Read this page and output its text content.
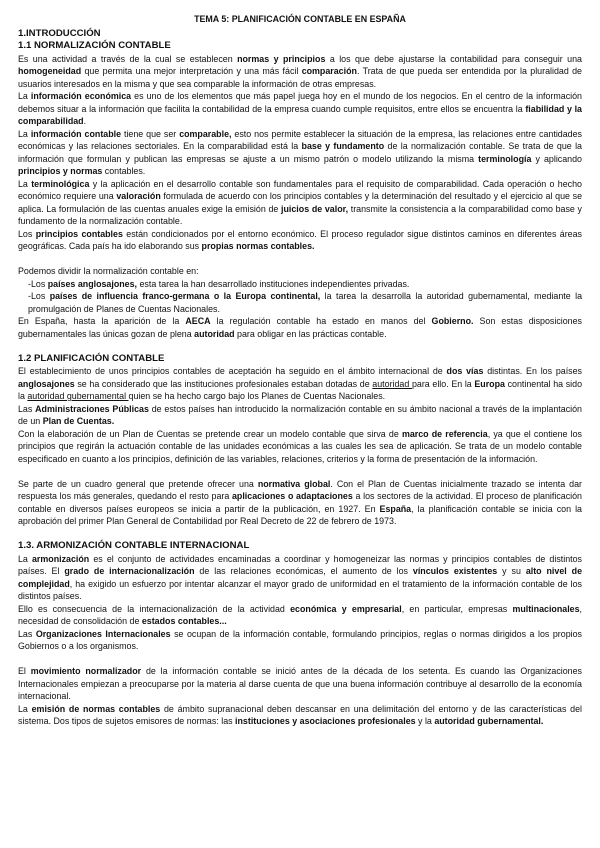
TEMA 5: PLANIFICACIÓN CONTABLE EN ESPAÑA
1.INTRODUCCIÓN
1.1 NORMALIZACIÓN CONTABLE

Es una actividad a través de la cual se establecen normas y principios a los que debe ajustarse la contabilidad para conseguir una homogeneidad que permita una mejor interpretación y una más fácil comparación. Trata de que pueda ser entendida por la pluralidad de usuarios interesados en la misma y que sea comparable la información de otras empresas.

La información económica es uno de los elementos que más papel juega hoy en el mundo de los negocios. En el centro de la información debemos situar a la información que facilita la contabilidad de la empresa cuando cumple requisitos, entre ellos se encuentra la fiabilidad y la comparabilidad.

La información contable tiene que ser comparable, esto nos permite establecer la situación de la empresa, las relaciones entre cantidades económicas y las relaciones sectoriales. En la comparabilidad está la base y fundamento de la normalización contable. Se trata de que la información que formulan y publican las empresas se ajuste a un mismo patrón o modelo utilizando la misma terminología y aplicando principios y normas contables.

La terminológica y la aplicación en el desarrollo contable son fundamentales para el requisito de comparabilidad. Cada operación o hecho económico requiere una valoración formulada de acuerdo con los principios contables y la determinación del resultado y el ejercicio al que se aplica. La formulación de las cuentas anuales exige la emisión de juicios de valor, transmite la consistencia a la comparabilidad como base y fundamento de la normalización contable.

Los principios contables están condicionados por el entorno económico. El proceso regulador sigue distintos caminos en diferentes áreas geográficas. Cada país ha ido elaborando sus propias normas contables.

Podemos dividir la normalización contable en:

-Los países anglosajones, esta tarea la han desarrollado instituciones independientes privadas.

-Los países de influencia franco-germana o la Europa continental, la tarea la desarrolla la autoridad gubernamental, mediante la promulgación de Planes de Cuentas Nacionales.

En España, hasta la aparición de la AECA la regulación contable ha estado en manos del Gobierno. Son estas disposiciones gubernamentales las únicas gozan de plena autoridad para obligar en las prácticas contable.

1.2 PLANIFICACIÓN CONTABLE

El establecimiento de unos principios contables de aceptación ha seguido en el ámbito internacional de dos vías distintas. En los países anglosajones se ha considerado que las instituciones profesionales estaban dotadas de autoridad para ello. En la Europa continental ha sido la autoridad gubernamental quien se ha hecho cargo bajo los Planes de Cuentas Nacionales.

Las Administraciones Públicas de estos países han introducido la normalización contable en su ámbito nacional a través de la implantación de un Plan de Cuentas.

Con la elaboración de un Plan de Cuentas se pretende crear un modelo contable que sirva de marco de referencia, ya que el contiene los principios que regirán la actuación contable de las unidades económicas a las cuales les sea de aplicación. Se trata de un modelo contable especificado en cuanto a los principios, definición de las variables, relaciones, criterios y la forma de presentación de la información.

Se parte de un cuadro general que pretende ofrecer una normativa global. Con el Plan de Cuentas inicialmente trazado se intenta dar respuesta los más generales, quedando el resto para aplicaciones o adaptaciones a los sectores de la actividad. El proceso de planificación contable en diversos países europeos se inicia a partir de la publicación, en 1927. En España, la planificación contable se inicia con la aprobación del primer Plan General de Contabilidad por Real Decreto de 22 de febrero de 1973.

1.3. ARMONIZACIÓN CONTABLE INTERNACIONAL

La armonización es el conjunto de actividades encaminadas a coordinar y homogeneizar las normas y principios contables de distintos países. El grado de internacionalización de las relaciones económicas, el aumento de los vínculos existentes y su alto nivel de complejidad, ha exigido un esfuerzo por intentar alcanzar el mayor grado de uniformidad en el tratamiento de la información contable de los distintos países.

Ello es consecuencia de la internacionalización de la actividad económica y empresarial, en particular, empresas multinacionales, necesidad de consolidación de estados contables...

Las Organizaciones Internacionales se ocupan de la información contable, formulando principios, reglas o normas dirigidos a los propios Gobiernos o a los organismos.

El movimiento normalizador de la información contable se inició antes de la década de los setenta. Es cuando las Organizaciones Internacionales empiezan a preocuparse por la materia al darse cuenta de que una buena información contribuye al desarrollo de la economía internacional.

La emisión de normas contables de ámbito supranacional deben descansar en una delimitación del entorno y de las características del sistema. Dos tipos de sujetos emisores de normas: las instituciones y asociaciones profesionales y la autoridad gubernamental.
